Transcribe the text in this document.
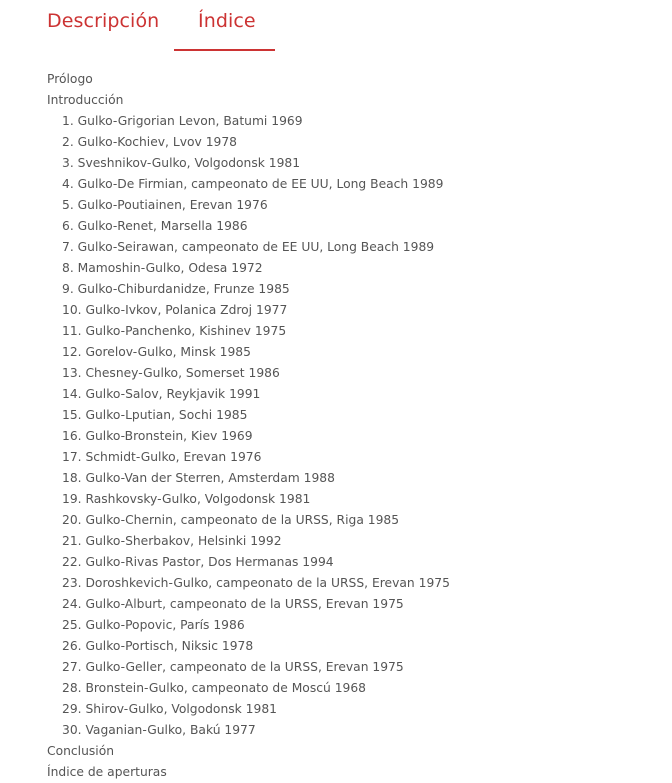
Descripción Índice
Prólogo
Introducción
1. Gulko-Grigorian Levon, Batumi 1969
2. Gulko-Kochiev, Lvov 1978
3. Sveshnikov-Gulko, Volgodonsk 1981
4. Gulko-De Firmian, campeonato de EE UU, Long Beach 1989
5. Gulko-Poutiainen, Erevan 1976
6. Gulko-Renet, Marsella 1986
7. Gulko-Seirawan, campeonato de EE UU, Long Beach 1989
8. Mamoshin-Gulko, Odesa 1972
9. Gulko-Chiburdanidze, Frunze 1985
10. Gulko-Ivkov, Polanica Zdroj 1977
11. Gulko-Panchenko, Kishinev 1975
12. Gorelov-Gulko, Minsk 1985
13. Chesney-Gulko, Somerset 1986
14. Gulko-Salov, Reykjavik 1991
15. Gulko-Lputian, Sochi 1985
16. Gulko-Bronstein, Kiev 1969
17. Schmidt-Gulko, Erevan 1976
18. Gulko-Van der Sterren, Amsterdam 1988
19. Rashkovsky-Gulko, Volgodonsk 1981
20. Gulko-Chernin, campeonato de la URSS, Riga 1985
21. Gulko-Sherbakov, Helsinki 1992
22. Gulko-Rivas Pastor, Dos Hermanas 1994
23. Doroshkevich-Gulko, campeonato de la URSS, Erevan 1975
24. Gulko-Alburt, campeonato de la URSS, Erevan 1975
25. Gulko-Popovic, París 1986
26. Gulko-Portisch, Niksic 1978
27. Gulko-Geller, campeonato de la URSS, Erevan 1975
28. Bronstein-Gulko, campeonato de Moscú 1968
29. Shirov-Gulko, Volgodonsk 1981
30. Vaganian-Gulko, Bakú 1977
Conclusión
Índice de aperturas
